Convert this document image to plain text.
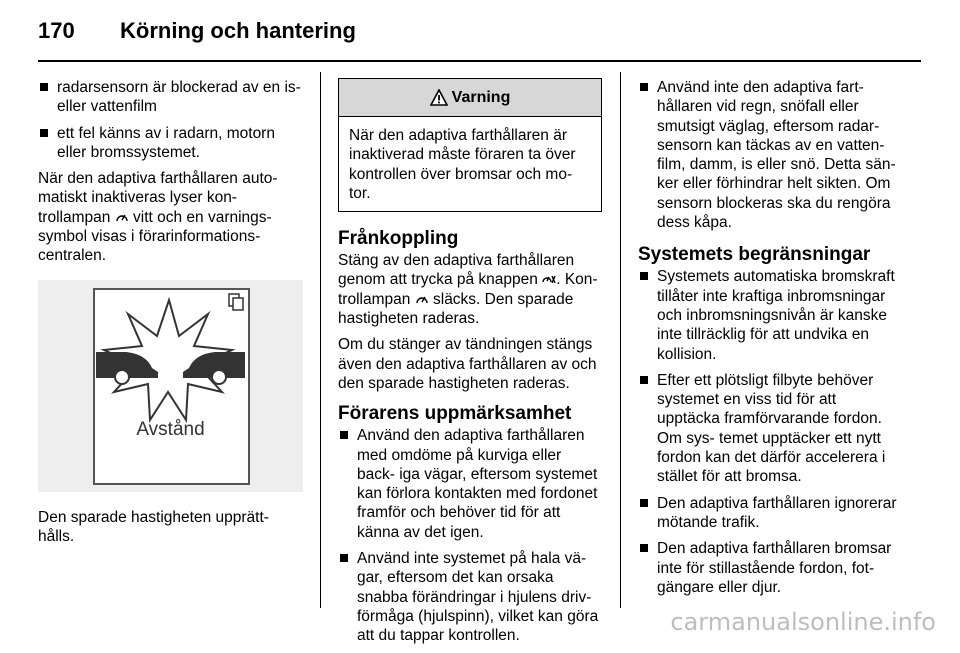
170 Körning och hantering
radarsensorn är blockerad av en is- eller vattenfilm
ett fel känns av i radarn, motorn eller bromssystemet.

När den adaptiva farthållaren auto- matiskt inaktiveras lyser kon- trollampan  vitt och en varnings- symbol visas i förarinformations- centralen.

Avstånd

Den sparade hastigheten upprätt- hålls.

Varning
När den adaptiva farthållaren är inaktiverad måste föraren ta över kontrollen över bromsar och mo- tor.
Frånkoppling

Stäng av den adaptiva farthållaren genom att trycka på knappen . Kon- trollampan  släcks. Den sparade hastigheten raderas.

Om du stänger av tändningen stängs även den adaptiva farthållaren av och den sparade hastigheten raderas.

Förarens uppmärksamhet
Använd den adaptiva farthållaren med omdöme på kurviga eller back- iga vägar, eftersom systemet kan förlora kontakten med fordonet framför och behöver tid för att känna av det igen.
Använd inte systemet på hala vä- gar, eftersom det kan orsaka snabba förändringar i hjulens driv- förmåga (hjulspinn), vilket kan göra att du tappar kontrollen.
Använd inte den adaptiva fart- hållaren vid regn, snöfall eller smutsigt väglag, eftersom radar- sensorn kan täckas av en vatten- film, damm, is eller snö. Detta sän- ker eller förhindrar helt sikten. Om sensorn blockeras ska du rengöra dess kåpa.
Systemets begränsningar
Systemets automatiska bromskraft tillåter inte kraftiga inbromsningar och inbromsningsnivån är kanske inte tillräcklig för att undvika en kollision.
Efter ett plötsligt filbyte behöver systemet en viss tid för att upptäcka framförvarande fordon. Om sys- temet upptäcker ett nytt fordon kan det därför accelerera i stället för att bromsa.
Den adaptiva farthållaren ignorerar mötande trafik.
Den adaptiva farthållaren bromsar inte för stillastående fordon, fot- gängare eller djur.
carmanualsonline.info
